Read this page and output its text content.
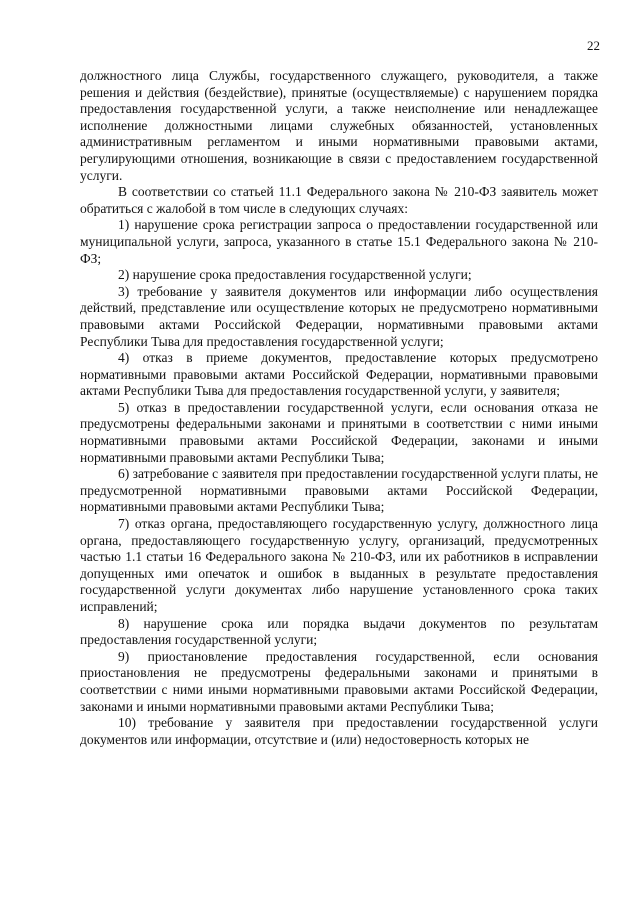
22

должностного лица Службы, государственного служащего, руководителя, а также решения и действия (бездействие), принятые (осуществляемые) с нарушением порядка предоставления государственной услуги, а также неисполнение или ненадлежащее исполнение должностными лицами служебных обязанностей, установленных административным регламентом и иными нормативными правовыми актами, регулирующими отношения, возникающие в связи с предоставлением государственной услуги.

В соответствии со статьей 11.1 Федерального закона № 210-ФЗ заявитель может обратиться с жалобой в том числе в следующих случаях:

1) нарушение срока регистрации запроса о предоставлении государственной или муниципальной услуги, запроса, указанного в статье 15.1 Федерального закона № 210-ФЗ;

2) нарушение срока предоставления государственной услуги;

3) требование у заявителя документов или информации либо осуществления действий, представление или осуществление которых не предусмотрено нормативными правовыми актами Российской Федерации, нормативными правовыми актами Республики Тыва для предоставления государственной услуги;

4) отказ в приеме документов, предоставление которых предусмотрено нормативными правовыми актами Российской Федерации, нормативными правовыми актами Республики Тыва для предоставления государственной услуги, у заявителя;

5) отказ в предоставлении государственной услуги, если основания отказа не предусмотрены федеральными законами и принятыми в соответствии с ними иными нормативными правовыми актами Российской Федерации, законами и иными нормативными правовыми актами Республики Тыва;

6) затребование с заявителя при предоставлении государственной услуги платы, не предусмотренной нормативными правовыми актами Российской Федерации, нормативными правовыми актами Республики Тыва;

7) отказ органа, предоставляющего государственную услугу, должностного лица органа, предоставляющего государственную услугу, организаций, предусмотренных частью 1.1 статьи 16 Федерального закона № 210-ФЗ, или их работников в исправлении допущенных ими опечаток и ошибок в выданных в результате предоставления государственной услуги документах либо нарушение установленного срока таких исправлений;

8) нарушение срока или порядка выдачи документов по результатам предоставления государственной услуги;

9) приостановление предоставления государственной, если основания приостановления не предусмотрены федеральными законами и принятыми в соответствии с ними иными нормативными правовыми актами Российской Федерации, законами и иными нормативными правовыми актами Республики Тыва;

10) требование у заявителя при предоставлении государственной услуги документов или информации, отсутствие и (или) недостоверность которых не
